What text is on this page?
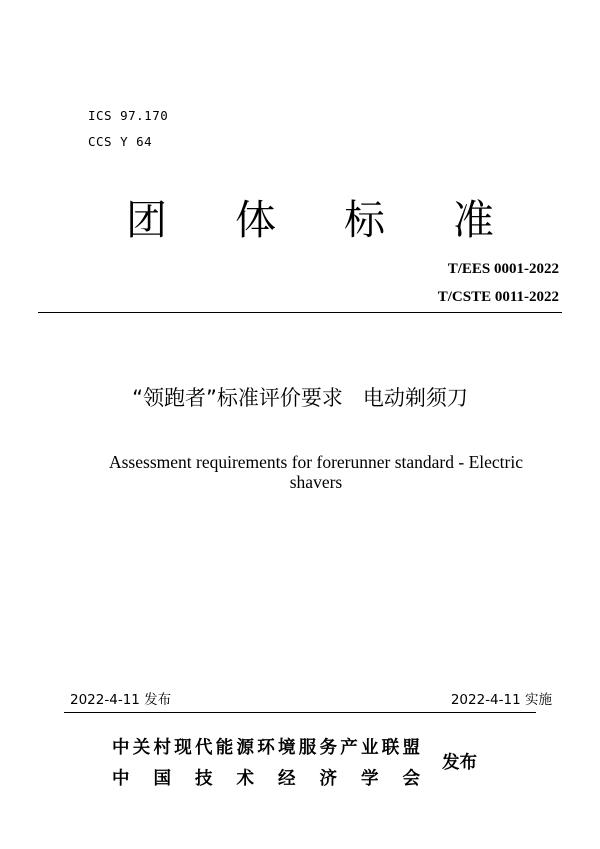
ICS 97.170
CCS Y 64
团 体 标 准
T/EES 0001-2022
T/CSTE 0011-2022
“领跑者”标准评价要求   电动剃须刀
Assessment requirements for forerunner standard - Electric shavers
2022-4-11 发布	2022-4-11 实施
中 关 村 现 代 能 源 环 境 服 务 产 业 联 盟
中 国 技 术 经 济 学 会
发布
